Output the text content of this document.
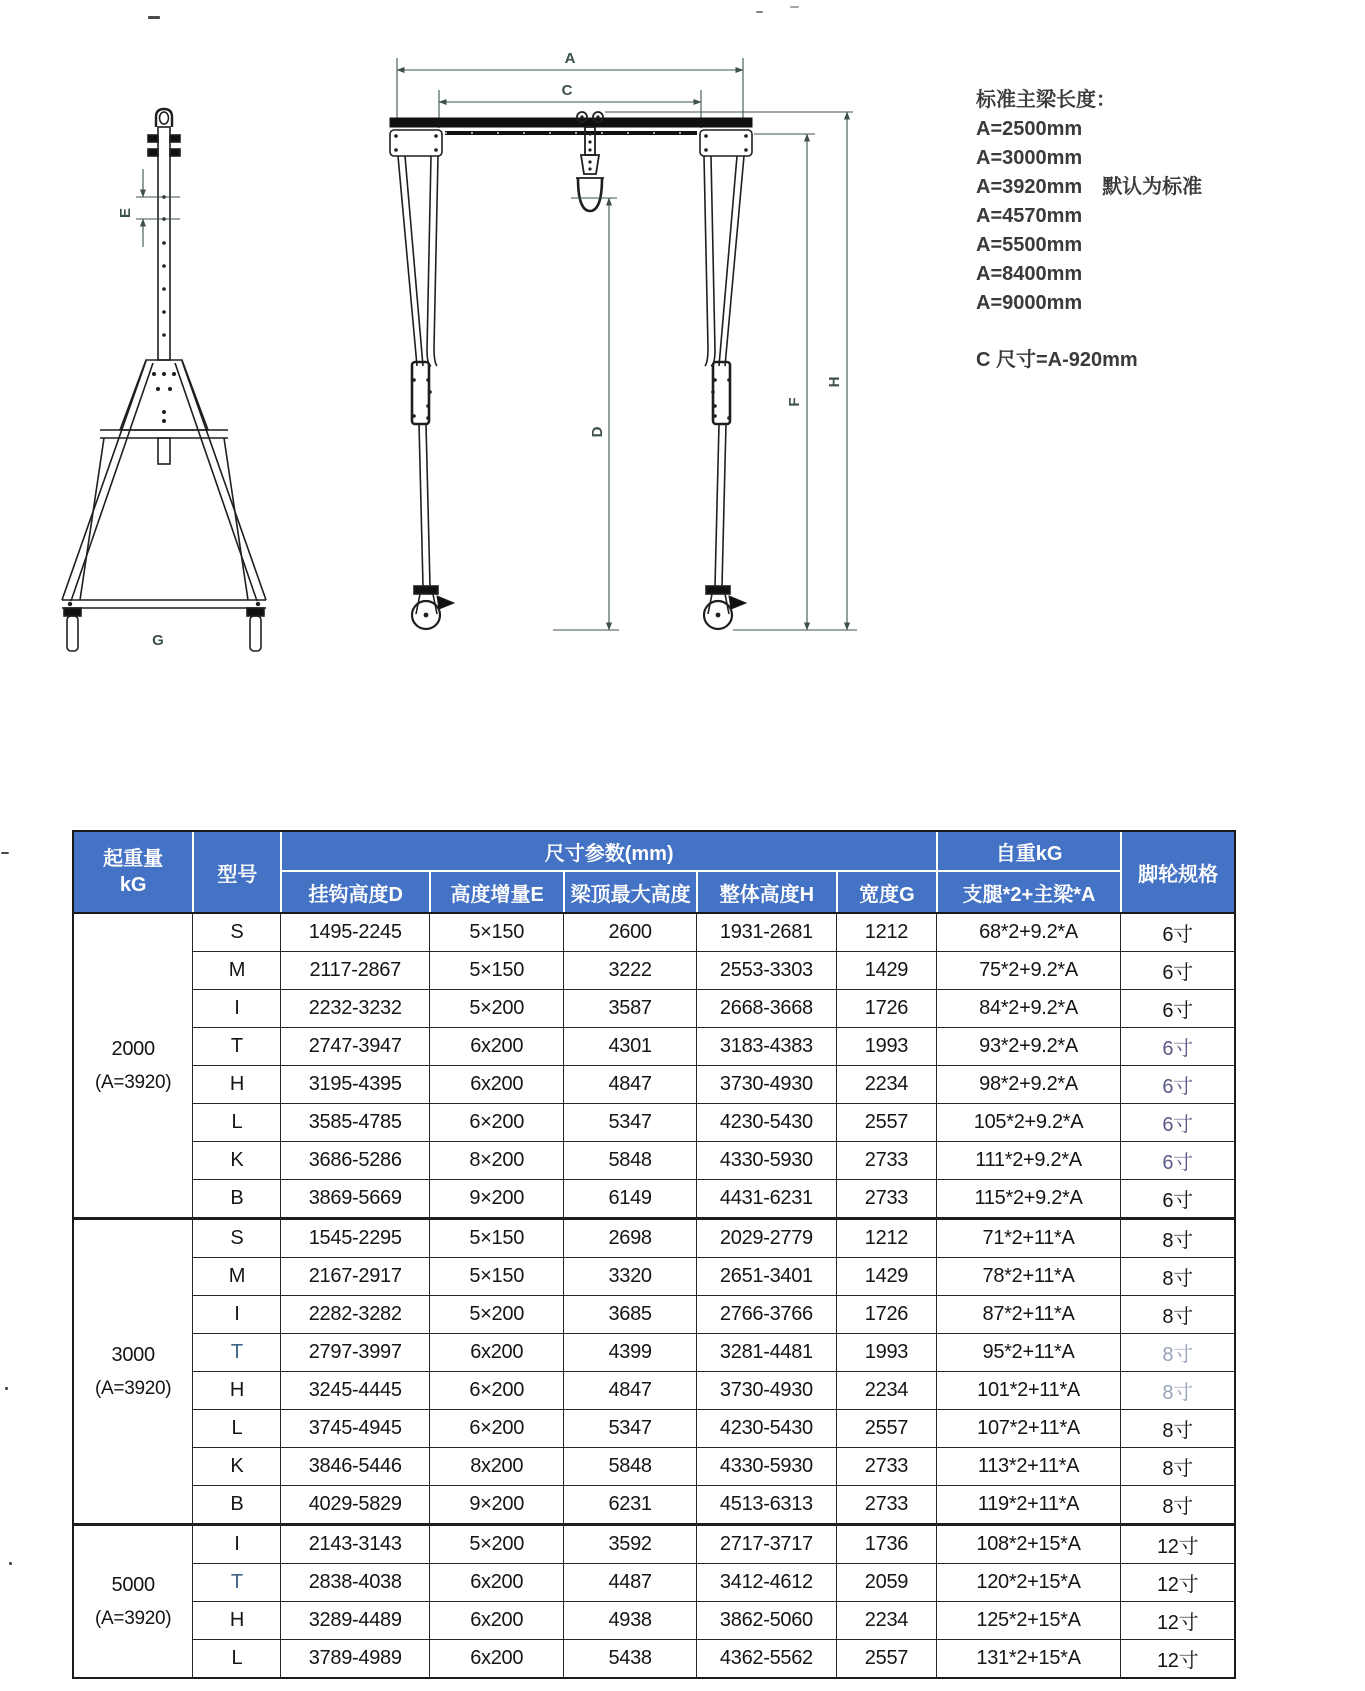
E
G
A
C
D
F
H
标准主梁长度：
A=2500mm
A=3000mm
A=3920mm 默认为标准
A=4570mm
A=5500mm
A=8400mm
A=9000mm
C 尺寸=A-920mm
起重量
kG	型号	尺寸参数(mm)					自重kG	脚轮规格
		挂钩高度D	高度增量E	梁顶最大高度	整体高度H	宽度G	支腿*2+主梁*A	

2000
(A=3920)	S	1495-2245	5×150	2600	1931-2681	1212	68*2+9.2*A	6寸
	M	2117-2867	5×150	3222	2553-3303	1429	75*2+9.2*A	6寸
	I	2232-3232	5×200	3587	2668-3668	1726	84*2+9.2*A	6寸
	T	2747-3947	6x200	4301	3183-4383	1993	93*2+9.2*A	6寸
	H	3195-4395	6x200	4847	3730-4930	2234	98*2+9.2*A	6寸
	L	3585-4785	6×200	5347	4230-5430	2557	105*2+9.2*A	6寸
	K	3686-5286	8×200	5848	4330-5930	2733	111*2+9.2*A	6寸
	B	3869-5669	9×200	6149	4431-6231	2733	115*2+9.2*A	6寸

3000
(A=3920)	S	1545-2295	5×150	2698	2029-2779	1212	71*2+11*A	8寸
	M	2167-2917	5×150	3320	2651-3401	1429	78*2+11*A	8寸
	I	2282-3282	5×200	3685	2766-3766	1726	87*2+11*A	8寸
	T	2797-3997	6x200	4399	3281-4481	1993	95*2+11*A	8寸
	H	3245-4445	6×200	4847	3730-4930	2234	101*2+11*A	8寸
	L	3745-4945	6×200	5347	4230-5430	2557	107*2+11*A	8寸
	K	3846-5446	8x200	5848	4330-5930	2733	113*2+11*A	8寸
	B	4029-5829	9×200	6231	4513-6313	2733	119*2+11*A	8寸

5000
(A=3920)	I	2143-3143	5×200	3592	2717-3717	1736	108*2+15*A	12寸
	T	2838-4038	6x200	4487	3412-4612	2059	120*2+15*A	12寸
	H	3289-4489	6x200	4938	3862-5060	2234	125*2+15*A	12寸
	L	3789-4989	6x200	5438	4362-5562	2557	131*2+15*A	12寸
